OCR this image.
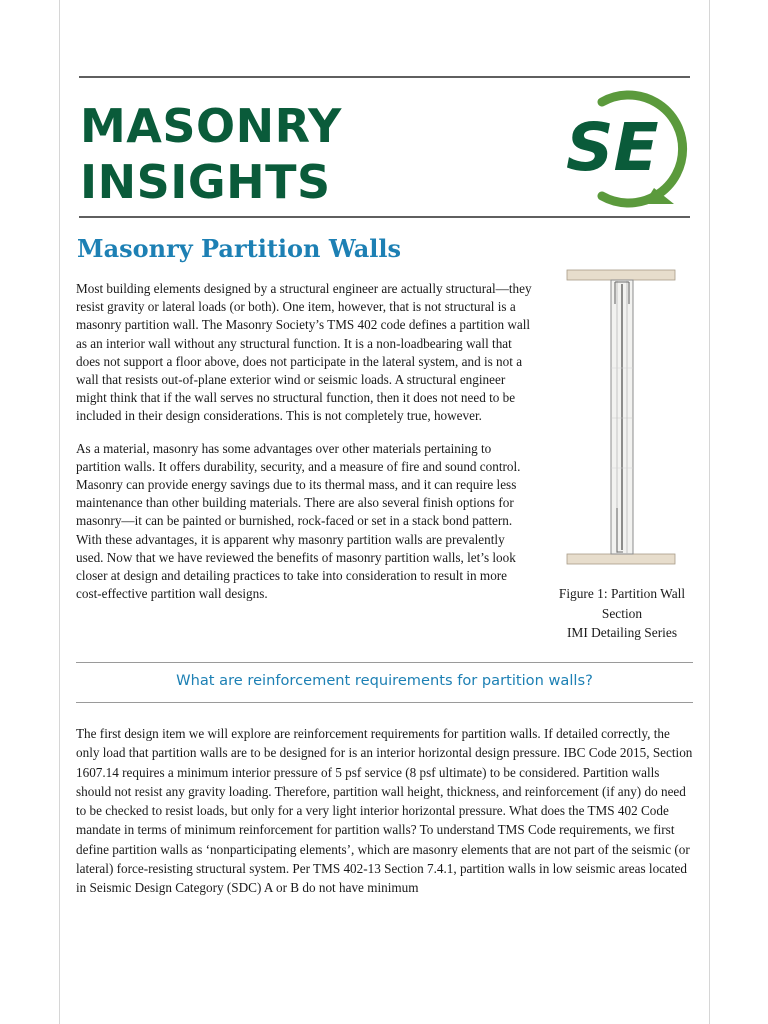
MASONRY
INSIGHTS	SE
Masonry Partition Walls

Most building elements designed by a structural engineer are actually structural—they resist gravity or lateral loads (or both). One item, however, that is not structural is a masonry partition wall. The Masonry Society’s TMS 402 code defines a partition wall as an interior wall without any structural function. It is a non-loadbearing wall that does not support a floor above, does not participate in the lateral system, and is not a wall that resists out-of-plane exterior wind or seismic loads. A structural engineer might think that if the wall serves no structural function, then it does not need to be included in their design considerations. This is not completely true, however.

As a material, masonry has some advantages over other materials pertaining to partition walls. It offers durability, security, and a measure of fire and sound control. Masonry can provide energy savings due to its thermal mass, and it can require less maintenance than other building materials. There are also several finish options for masonry—it can be painted or burnished, rock-faced or set in a stack bond pattern. With these advantages, it is apparent why masonry partition walls are prevalently used. Now that we have reviewed the benefits of masonry partition walls, let’s look closer at design and detailing practices to take into consideration to result in more cost-effective partition wall designs.	Figure 1: Partition Wall
Section
IMI Detailing Series
What are reinforcement requirements for partition walls?

The first design item we will explore are reinforcement requirements for partition walls. If detailed correctly, the only load that partition walls are to be designed for is an interior horizontal design pressure. IBC Code 2015, Section 1607.14 requires a minimum interior pressure of 5 psf service (8 psf ultimate) to be considered. Partition walls should not resist any gravity loading. Therefore, partition wall height, thickness, and reinforcement (if any) do need to be checked to resist loads, but only for a very light interior horizontal pressure. What does the TMS 402 Code mandate in terms of minimum reinforcement for partition walls? To understand TMS Code requirements, we first define partition walls as ‘nonparticipating elements’, which are masonry elements that are not part of the seismic (or lateral) force-resisting structural system. Per TMS 402-13 Section 7.4.1, partition walls in low seismic areas located in Seismic Design Category (SDC) A or B do not have minimum
